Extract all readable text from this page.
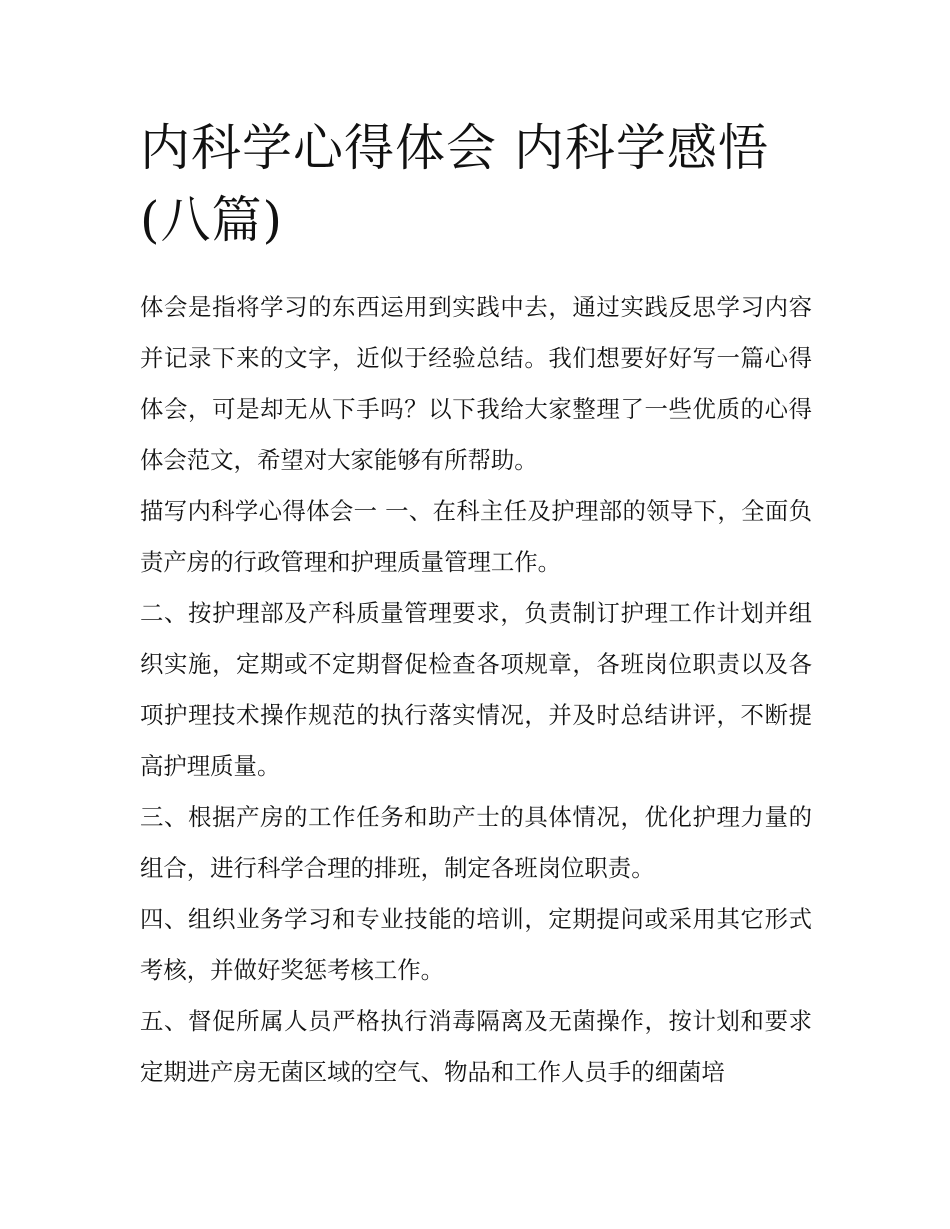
内科学心得体会 内科学感悟(八篇)

体会是指将学习的东西运用到实践中去，通过实践反思学习内容并记录下来的文字，近似于经验总结。我们想要好好写一篇心得体会，可是却无从下手吗？以下我给大家整理了一些优质的心得体会范文，希望对大家能够有所帮助。

描写内科学心得体会一 一、在科主任及护理部的领导下，全面负责产房的行政管理和护理质量管理工作。

二、按护理部及产科质量管理要求，负责制订护理工作计划并组织实施，定期或不定期督促检查各项规章，各班岗位职责以及各项护理技术操作规范的执行落实情况，并及时总结讲评，不断提高护理质量。

三、根据产房的工作任务和助产士的具体情况，优化护理力量的组合，进行科学合理的排班，制定各班岗位职责。

四、组织业务学习和专业技能的培训，定期提问或采用其它形式考核，并做好奖惩考核工作。

五、督促所属人员严格执行消毒隔离及无菌操作，按计划和要求定期进产房无菌区域的空气、物品和工作人员手的细菌培
